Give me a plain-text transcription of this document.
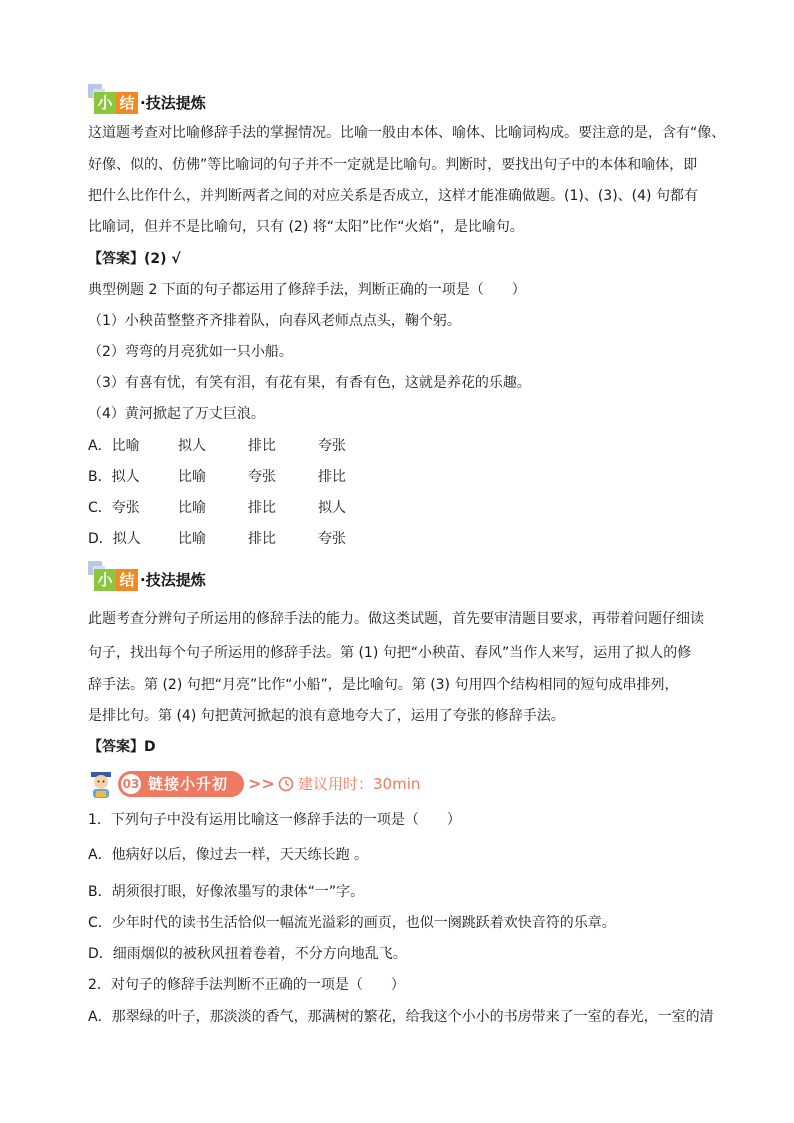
小 结 ·技法提炼
这道题考查对比喻修辞手法的掌握情况。比喻一般由本体、喻体、比喻词构成。要注意的是，含有“像、
好像、似的、仿佛”等比喻词的句子并不一定就是比喻句。判断时，要找出句子中的本体和喻体，即
把什么比作什么，并判断两者之间的对应关系是否成立，这样才能准确做题。(1)、(3)、(4) 句都有
比喻词，但并不是比喻句，只有 (2) 将“太阳”比作“火焰”，是比喻句。
【答案】(2) √
典型例题 2 下面的句子都运用了修辞手法，判断正确的一项是（　　）
（1）小秧苗整整齐齐排着队，向春风老师点点头，鞠个躬。
（2）弯弯的月亮犹如一只小船。
（3）有喜有忧，有笑有泪，有花有果，有香有色，这就是养花的乐趣。
（4）黄河掀起了万丈巨浪。
A．比喻	拟人	排比	夸张
B．拟人	比喻	夸张	排比
C．夸张	比喻	排比	拟人
D．拟人	比喻	排比	夸张
小 结 ·技法提炼
此题考查分辨句子所运用的修辞手法的能力。做这类试题，首先要审清题目要求，再带着问题仔细读
句子，找出每个句子所运用的修辞手法。第 (1) 句把“小秧苗、春风”当作人来写，运用了拟人的修
辞手法。第 (2) 句把“月亮”比作“小船”，是比喻句。第 (3) 句用四个结构相同的短句成串排列，
是排比句。第 (4) 句把黄河掀起的浪有意地夸大了，运用了夸张的修辞手法。
【答案】D
03 链接小升初 >> 建议用时：30min
1．下列句子中没有运用比喻这一修辞手法的一项是（　　）
A．他病好以后，像过去一样，天天练长跑 。
B．胡须很打眼，好像浓墨写的隶体“一”字。
C．少年时代的读书生活恰似一幅流光溢彩的画页，也似一阕跳跃着欢快音符的乐章。
D．细雨烟似的被秋风扭着卷着，不分方向地乱飞。
2．对句子的修辞手法判断不正确的一项是（　　）
A．那翠绿的叶子，那淡淡的香气，那满树的繁花，给我这个小小的书房带来了一室的春光，一室的清
